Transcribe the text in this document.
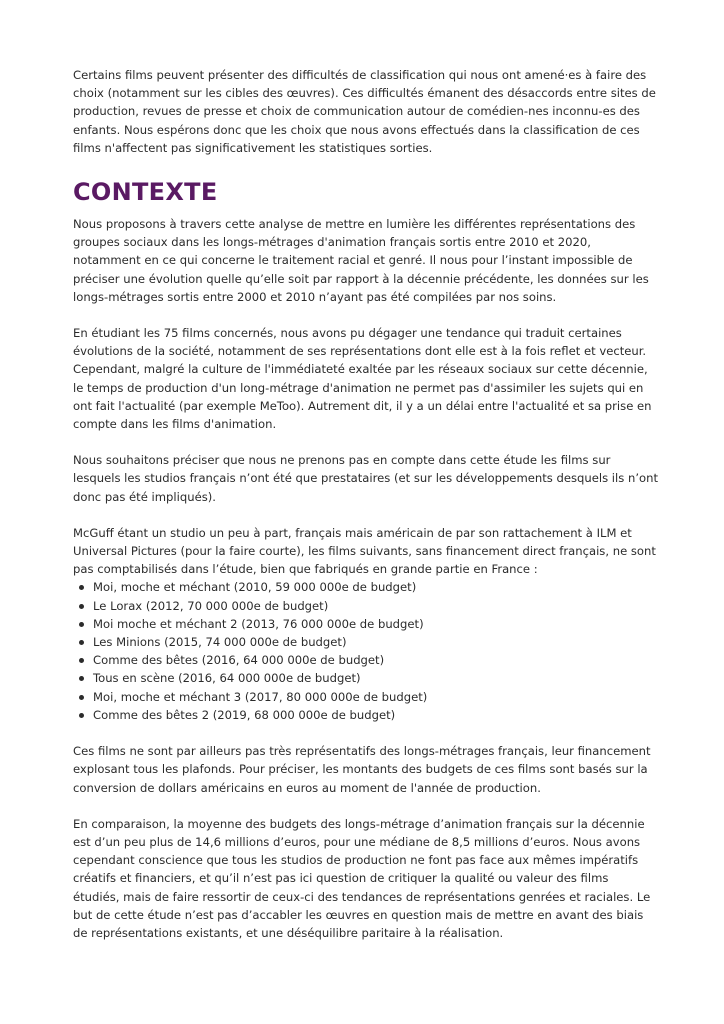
Certains films peuvent présenter des difficultés de classification qui nous ont amené·es à faire des choix (notamment sur les cibles des œuvres). Ces difficultés émanent des désaccords entre sites de production, revues de presse et choix de communication autour de comédien-nes inconnu-es des enfants. Nous espérons donc que les choix que nous avons effectués dans la classification de ces films n'affectent pas significativement les statistiques sorties.

CONTEXTE

Nous proposons à travers cette analyse de mettre en lumière les différentes représentations des groupes sociaux dans les longs-métrages d'animation français sortis entre 2010 et 2020, notamment en ce qui concerne le traitement racial et genré. Il nous pour l’instant impossible de préciser une évolution quelle qu’elle soit par rapport à la décennie précédente, les données sur les longs-métrages sortis entre 2000 et 2010 n’ayant pas été compilées par nos soins.

En étudiant les 75 films concernés, nous avons pu dégager une tendance qui traduit certaines évolutions de la société, notamment de ses représentations dont elle est à la fois reflet et vecteur. Cependant, malgré la culture de l'immédiateté exaltée par les réseaux sociaux sur cette décennie, le temps de production d'un long-métrage d'animation ne permet pas d'assimiler les sujets qui en ont fait l'actualité (par exemple MeToo). Autrement dit, il y a un délai entre l'actualité et sa prise en compte dans les films d'animation.

Nous souhaitons préciser que nous ne prenons pas en compte dans cette étude les films sur lesquels les studios français n’ont été que prestataires (et sur les développements desquels ils n’ont donc pas été impliqués).

McGuff étant un studio un peu à part, français mais américain de par son rattachement à ILM et Universal Pictures (pour la faire courte), les films suivants, sans financement direct français, ne sont pas comptabilisés dans l’étude, bien que fabriqués en grande partie en France :

Moi, moche et méchant (2010, 59 000 000e de budget)
Le Lorax (2012, 70 000 000e de budget)
Moi moche et méchant 2 (2013, 76 000 000e de budget)
Les Minions (2015, 74 000 000e de budget)
Comme des bêtes (2016, 64 000 000e de budget)
Tous en scène (2016, 64 000 000e de budget)
Moi, moche et méchant 3 (2017, 80 000 000e de budget)
Comme des bêtes 2 (2019, 68 000 000e de budget)

Ces films ne sont par ailleurs pas très représentatifs des longs-métrages français, leur financement explosant tous les plafonds. Pour préciser, les montants des budgets de ces films sont basés sur la conversion de dollars américains en euros au moment de l'année de production.

En comparaison, la moyenne des budgets des longs-métrage d’animation français sur la décennie est d’un peu plus de 14,6 millions d’euros, pour une médiane de 8,5 millions d’euros. Nous avons cependant conscience que tous les studios de production ne font pas face aux mêmes impératifs créatifs et financiers, et qu’il n’est pas ici question de critiquer la qualité ou valeur des films étudiés, mais de faire ressortir de ceux-ci des tendances de représentations genrées et raciales. Le but de cette étude n’est pas d’accabler les œuvres en question mais de mettre en avant des biais de représentations existants, et une déséquilibre paritaire à la réalisation.
